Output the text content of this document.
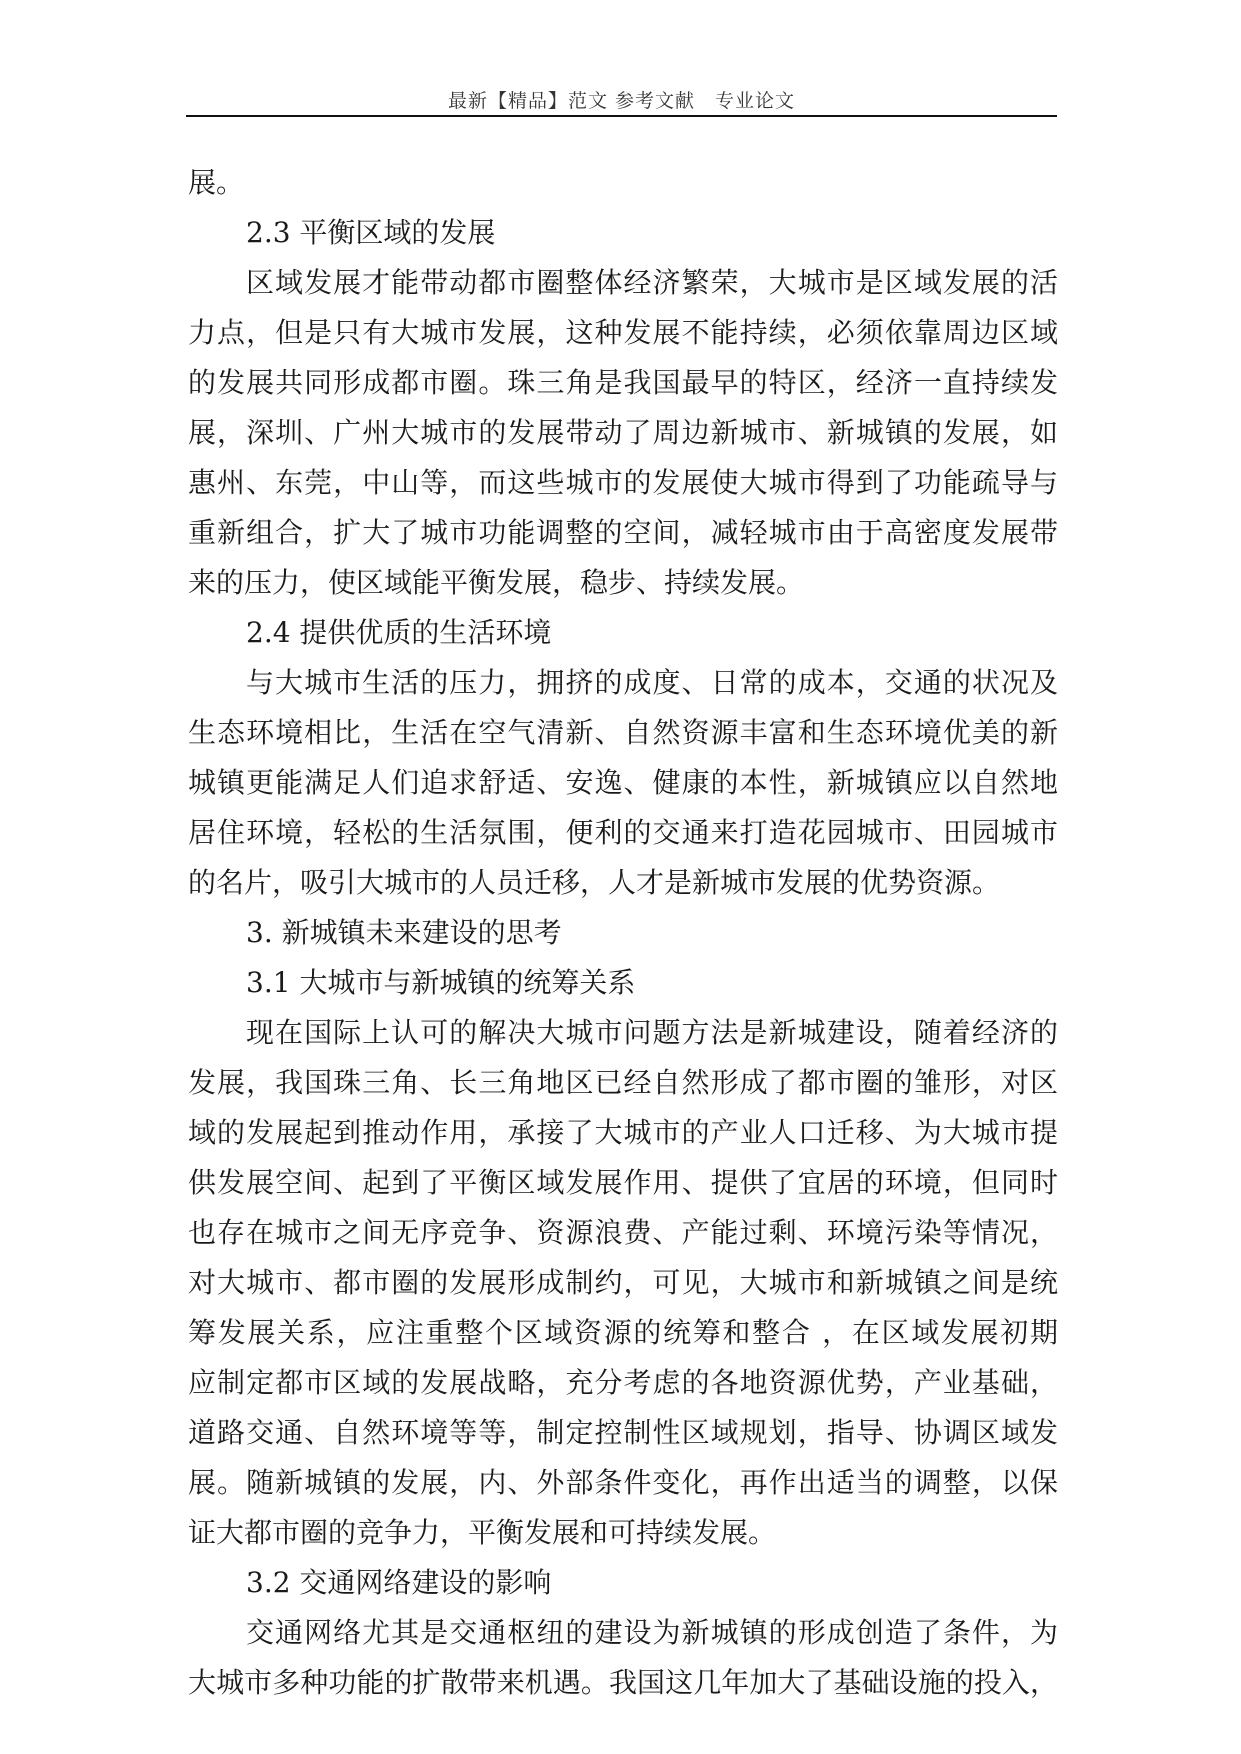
最新【精品】范文 参考文献　专业论文
展。
2.3 平衡区域的发展
区域发展才能带动都市圈整体经济繁荣，大城市是区域发展的活
力点，但是只有大城市发展，这种发展不能持续，必须依靠周边区域
的发展共同形成都市圈。珠三角是我国最早的特区，经济一直持续发
展，深圳、广州大城市的发展带动了周边新城市、新城镇的发展，如
惠州、东莞，中山等，而这些城市的发展使大城市得到了功能疏导与
重新组合，扩大了城市功能调整的空间，减轻城市由于高密度发展带
来的压力，使区域能平衡发展，稳步、持续发展。
2.4 提供优质的生活环境
与大城市生活的压力，拥挤的成度、日常的成本，交通的状况及
生态环境相比，生活在空气清新、自然资源丰富和生态环境优美的新
城镇更能满足人们追求舒适、安逸、健康的本性，新城镇应以自然地
居住环境，轻松的生活氛围，便利的交通来打造花园城市、田园城市
的名片，吸引大城市的人员迁移，人才是新城市发展的优势资源。
3. 新城镇未来建设的思考
3.1 大城市与新城镇的统筹关系
现在国际上认可的解决大城市问题方法是新城建设，随着经济的
发展，我国珠三角、长三角地区已经自然形成了都市圈的雏形，对区
域的发展起到推动作用，承接了大城市的产业人口迁移、为大城市提
供发展空间、起到了平衡区域发展作用、提供了宜居的环境，但同时
也存在城市之间无序竞争、资源浪费、产能过剩、环境污染等情况，
对大城市、都市圈的发展形成制约，可见，大城市和新城镇之间是统
筹发展关系，应注重整个区域资源的统筹和整合 ，在区域发展初期
应制定都市区域的发展战略，充分考虑的各地资源优势，产业基础，
道路交通、自然环境等等，制定控制性区域规划，指导、协调区域发
展。随新城镇的发展，内、外部条件变化，再作出适当的调整，以保
证大都市圈的竞争力，平衡发展和可持续发展。
3.2 交通网络建设的影响
交通网络尤其是交通枢纽的建设为新城镇的形成创造了条件，为
大城市多种功能的扩散带来机遇。我国这几年加大了基础设施的投入，
